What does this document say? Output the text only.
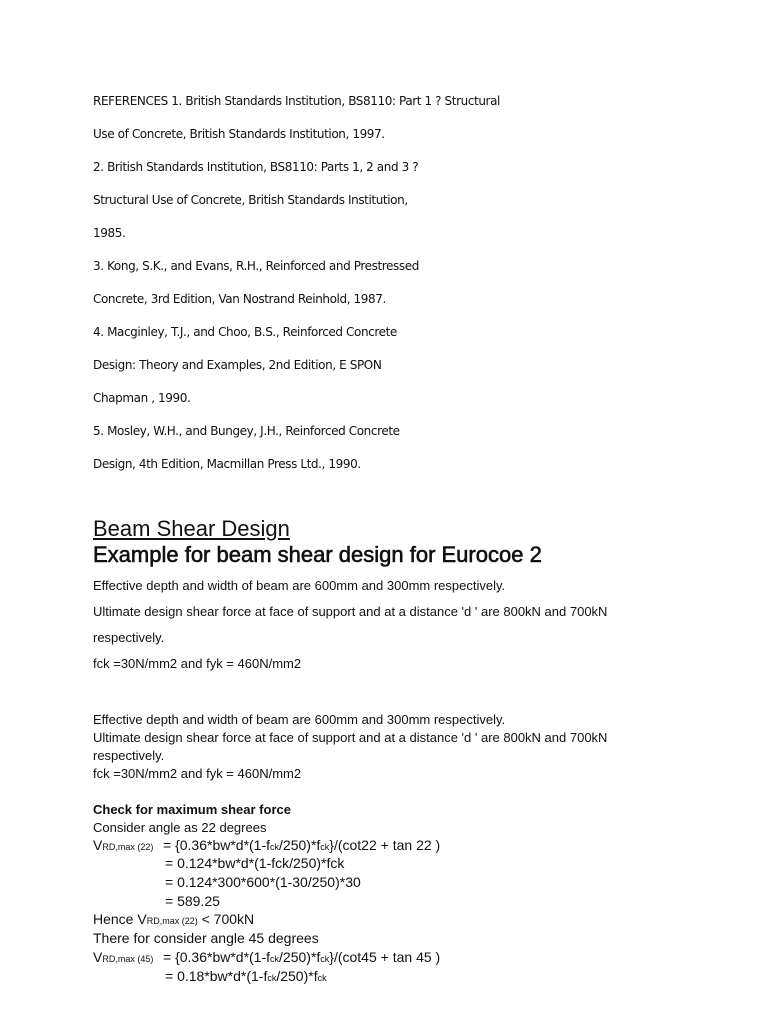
REFERENCES 1. British Standards Institution, BS8110: Part 1 ? Structural
Use of Concrete, British Standards Institution, 1997.
2. British Standards Institution, BS8110: Parts 1, 2 and 3 ?
Structural Use of Concrete, British Standards Institution,
1985.
3. Kong, S.K., and Evans, R.H., Reinforced and Prestressed
Concrete, 3rd Edition, Van Nostrand Reinhold, 1987.
4. Macginley, T.J., and Choo, B.S., Reinforced Concrete
Design: Theory and Examples, 2nd Edition, E SPON
Chapman , 1990.
5. Mosley, W.H., and Bungey, J.H., Reinforced Concrete
Design, 4th Edition, Macmillan Press Ltd., 1990.
Beam Shear Design
Example for beam shear design for Eurocoe 2
Effective depth and width of beam are 600mm and 300mm respectively.
Ultimate design shear force at face of support and at a distance 'd ' are 800kN and 700kN
respectively.
fck =30N/mm2 and fyk = 460N/mm2
Effective depth and width of beam are 600mm and 300mm respectively.
Ultimate design shear force at face of support and at a distance 'd ' are 800kN and 700kN
respectively.
fck =30N/mm2 and fyk = 460N/mm2
Check for maximum shear force
Consider angle as 22 degrees
VRD,max (22) = {0.36*bw*d*(1-fck/250)*fck}/(cot22 + tan 22 )
= 0.124*bw*d*(1-fck/250)*fck
= 0.124*300*600*(1-30/250)*30
= 589.25
Hence VRD,max (22) < 700kN
There for consider angle 45 degrees
VRD,max (45) = {0.36*bw*d*(1-fck/250)*fck}/(cot45 + tan 45 )
= 0.18*bw*d*(1-fck/250)*fck
